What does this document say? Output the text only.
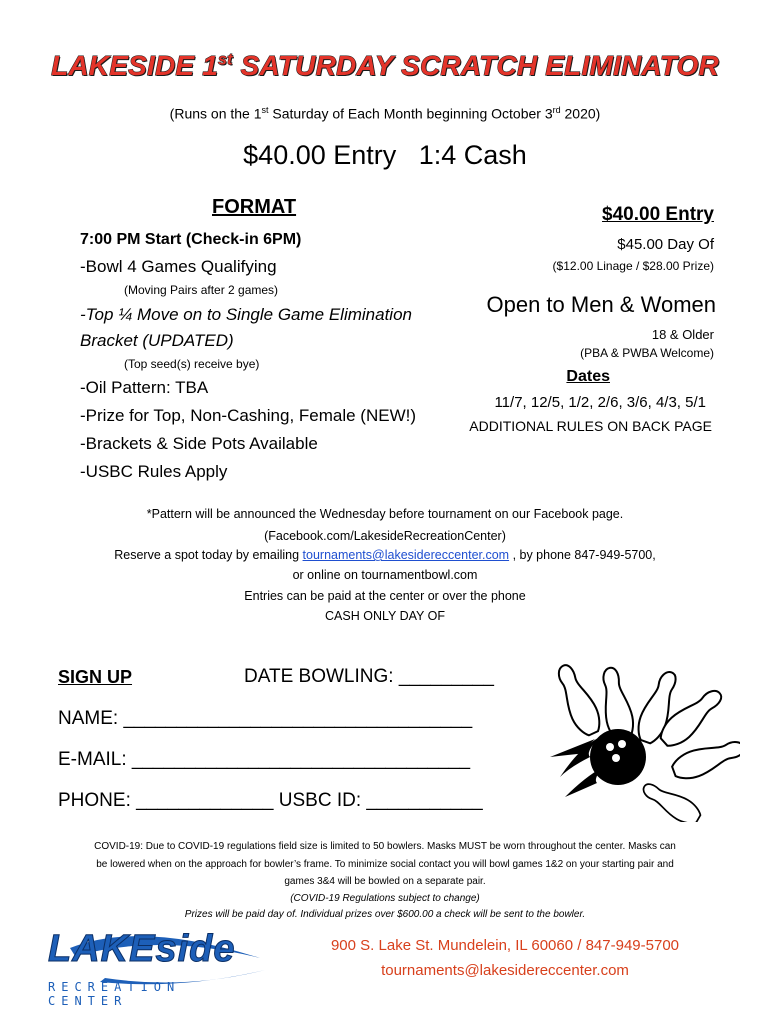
LAKESIDE 1st SATURDAY SCRATCH ELIMINATOR
(Runs on the 1st Saturday of Each Month beginning October 3rd 2020)
$40.00 Entry   1:4 Cash
FORMAT
7:00 PM Start (Check-in 6PM)
-Bowl 4 Games Qualifying
(Moving Pairs after 2 games)
-Top ¼ Move on to Single Game Elimination
Bracket (UPDATED)
(Top seed(s) receive bye)
-Oil Pattern: TBA
-Prize for Top, Non-Cashing, Female (NEW!)
-Brackets & Side Pots Available
-USBC Rules Apply
$40.00 Entry
$45.00 Day Of
($12.00 Linage / $28.00 Prize)
Open to Men & Women
18 & Older
(PBA & PWBA Welcome)
Dates
11/7, 12/5, 1/2, 2/6, 3/6, 4/3, 5/1
ADDITIONAL RULES ON BACK PAGE
*Pattern will be announced the Wednesday before tournament on our Facebook page.
(Facebook.com/LakesideRecreationCenter)
Reserve a spot today by emailing tournaments@lakesidereccenter.com , by phone 847-949-5700,
or online on tournamentbowl.com
Entries can be paid at the center or over the phone
CASH ONLY DAY OF
SIGN UP	DATE BOWLING: _________
NAME: _________________________________
E-MAIL: ________________________________
PHONE: _____________ USBC ID: ___________
COVID-19: Due to COVID-19 regulations field size is limited to 50 bowlers. Masks MUST be worn throughout the center. Masks can
be lowered when on the approach for bowler’s frame. To minimize social contact you will bowl games 1&2 on your starting pair and
games 3&4 will be bowled on a separate pair.
(COVID-19 Regulations subject to change)
Prizes will be paid day of. Individual prizes over $600.00 a check will be sent to the bowler.
LAKEside
RECREATION CENTER
900 S. Lake St. Mundelein, IL 60060 / 847-949-5700
tournaments@lakesidereccenter.com
